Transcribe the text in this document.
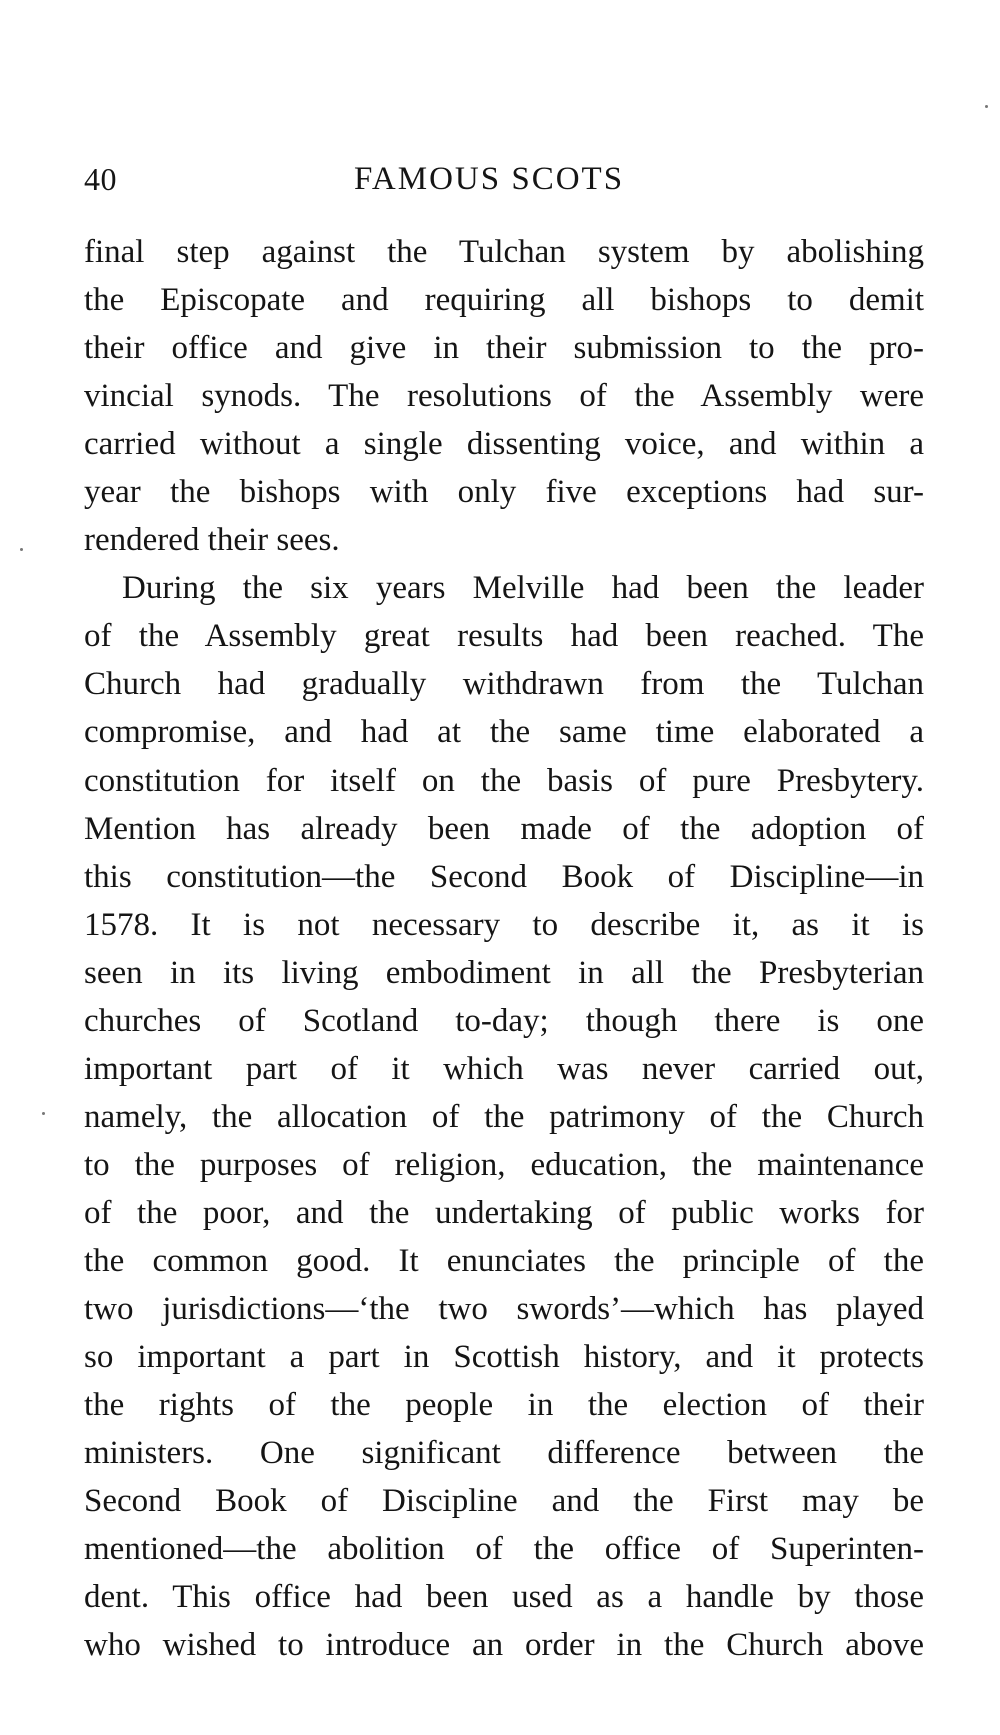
40	FAMOUS SCOTS
final step against the Tulchan system by abolishing
the Episcopate and requiring all bishops to demit
their office and give in their submission to the pro-
vincial synods. The resolutions of the Assembly were
carried without a single dissenting voice, and within a
year the bishops with only five exceptions had sur-
rendered their sees.
During the six years Melville had been the leader
of the Assembly great results had been reached. The
Church had gradually withdrawn from the Tulchan
compromise, and had at the same time elaborated a
constitution for itself on the basis of pure Presbytery.
Mention has already been made of the adoption of
this constitution—the Second Book of Discipline—in
1578. It is not necessary to describe it, as it is
seen in its living embodiment in all the Presbyterian
churches of Scotland to-day; though there is one
important part of it which was never carried out,
namely, the allocation of the patrimony of the Church
to the purposes of religion, education, the maintenance
of the poor, and the undertaking of public works for
the common good. It enunciates the principle of the
two jurisdictions—‘the two swords’—which has played
so important a part in Scottish history, and it protects
the rights of the people in the election of their
ministers. One significant difference between the
Second Book of Discipline and the First may be
mentioned—the abolition of the office of Superinten-
dent. This office had been used as a handle by those
who wished to introduce an order in the Church above
